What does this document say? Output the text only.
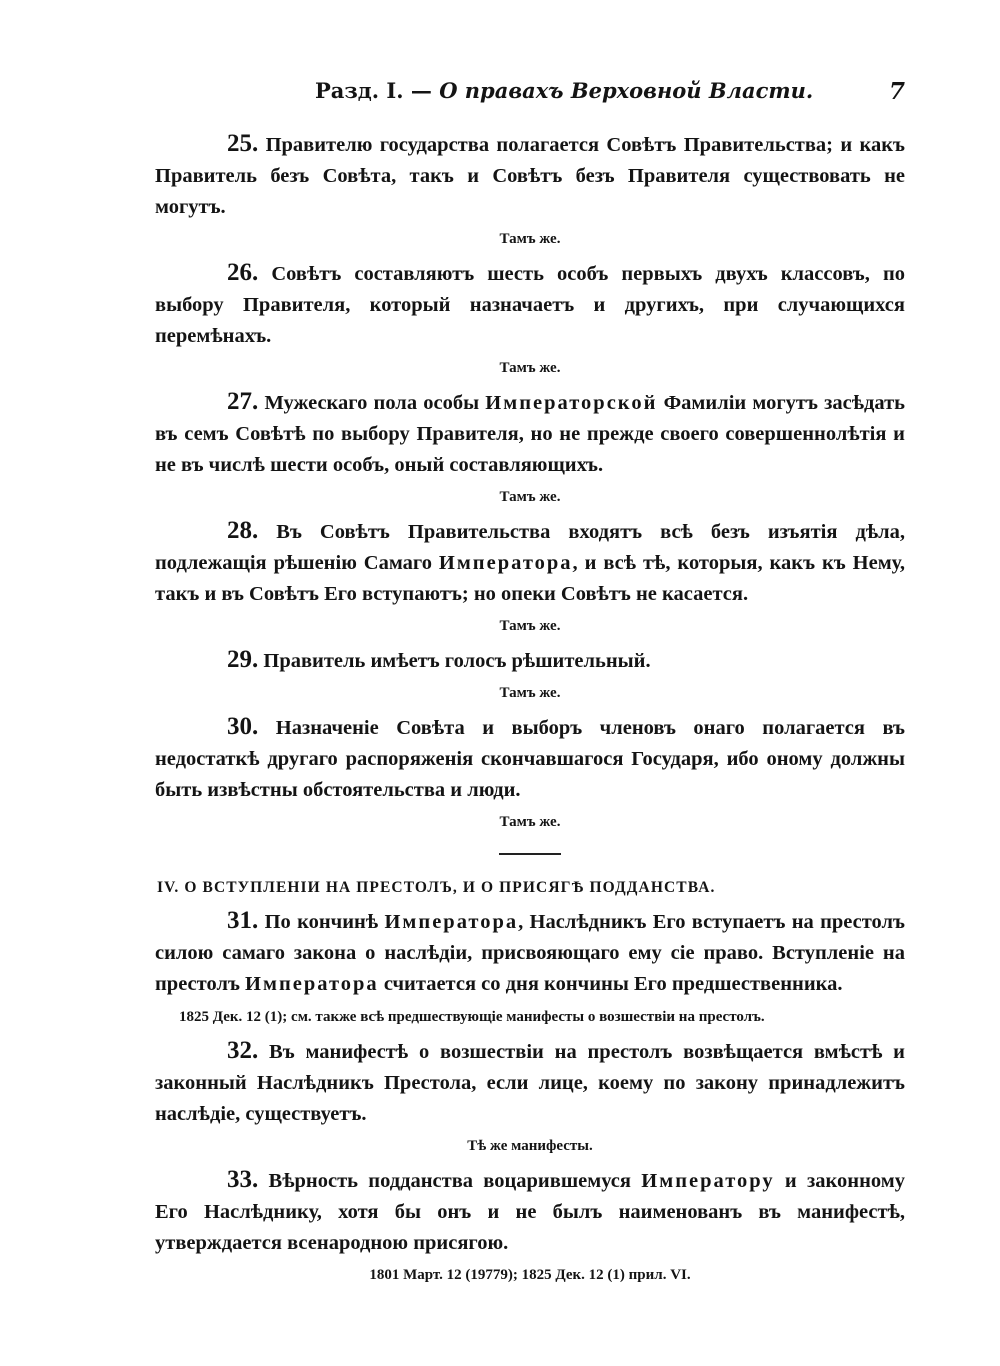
Разд. I. — О правахъ Верховной Власти.	7

25. Правителю государства полагается Совѣтъ Правительства; и какъ Правитель безъ Совѣта, такъ и Совѣтъ безъ Правителя существовать не могутъ.

Тамъ же.

26. Совѣтъ составляютъ шесть особъ первыхъ двухъ классовъ, по выбору Правителя, который назначаетъ и другихъ, при случающихся перемѣнахъ.

Тамъ же.

27. Мужескаго пола особы Императорской Фамиліи могутъ засѣдать въ семъ Совѣтѣ по выбору Правителя, но не прежде своего совершеннолѣтія и не въ числѣ шести особъ, оный составляющихъ.

Тамъ же.

28. Въ Совѣтъ Правительства входятъ всѣ безъ изъятія дѣла, подлежащія рѣшенію Самаго Императора, и всѣ тѣ, которыя, какъ къ Нему, такъ и въ Совѣтъ Его вступаютъ; но опеки Совѣтъ не касается.

Тамъ же.

29. Правитель имѣетъ голосъ рѣшительный.

Тамъ же.

30. Назначеніе Совѣта и выборъ членовъ онаго полагается въ недостаткѣ другаго распоряженія скончавшагося Государя, ибо оному должны быть извѣстны обстоятельства и люди.

Тамъ же.
IV. О ВСТУПЛЕНІИ НА ПРЕСТОЛЪ, И О ПРИСЯГѢ ПОДДАНСТВА.

31. По кончинѣ Императора, Наслѣдникъ Его вступаетъ на престолъ силою самаго закона о наслѣдіи, присвояющаго ему сіе право. Вступленіе на престолъ Императора считается со дня кончины Его предшественника.

1825 Дек. 12 (1); см. также всѣ предшествующіе манифесты о возшествіи на престолъ.

32. Въ манифестѣ о возшествіи на престолъ возвѣщается вмѣстѣ и законный Наслѣдникъ Престола, если лице, коему по закону принадлежитъ наслѣдіе, существуетъ.

Тѣ же манифесты.

33. Вѣрность подданства воцарившемуся Императору и законному Его Наслѣднику, хотя бы онъ и не былъ наименованъ въ манифестѣ, утверждается всенародною присягою.

1801 Март. 12 (19779); 1825 Дек. 12 (1) прил. VI.
